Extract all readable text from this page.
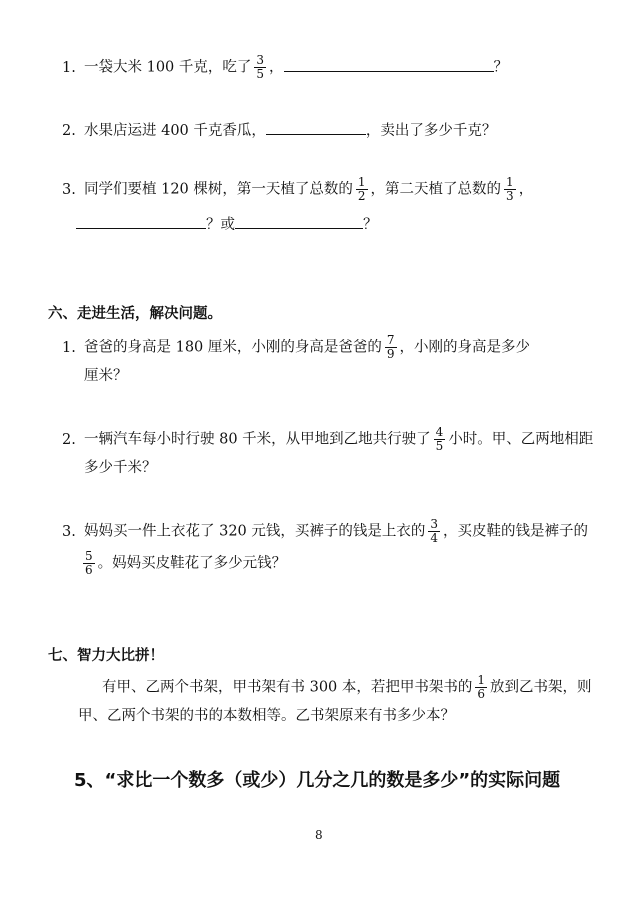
1. 一袋大米 100 千克，吃了 $\frac{3}{5}$ ，	？
2. 水果店运进 400 千克香瓜，	，卖出了多少千克？
3. 同学们要植 120 棵树，第一天植了总数的 $\frac{1}{2}$ ，第二天植了总数的 $\frac{1}{3}$ ，
？或	？
六、走进生活，解决问题。
1. 爸爸的身高是 180 厘米，小刚的身高是爸爸的 $\frac{7}{9}$ ，小刚的身高是多少
厘米？
2. 一辆汽车每小时行驶 80 千米，从甲地到乙地共行驶了 $\frac{4}{5}$ 小时。甲、乙两地相距
多少千米？
3. 妈妈买一件上衣花了 320 元钱，买裤子的钱是上衣的 $\frac{3}{4}$ ，买皮鞋的钱是裤子的
$\frac{5}{6}$ 。妈妈买皮鞋花了多少元钱？
七、智力大比拼！
有甲、乙两个书架，甲书架有书 300 本，若把甲书架书的 $\frac{1}{6}$ 放到乙书架，则
甲、乙两个书架的书的本数相等。乙书架原来有书多少本？
5、“求比一个数多（或少）几分之几的数是多少”的实际问题
8
